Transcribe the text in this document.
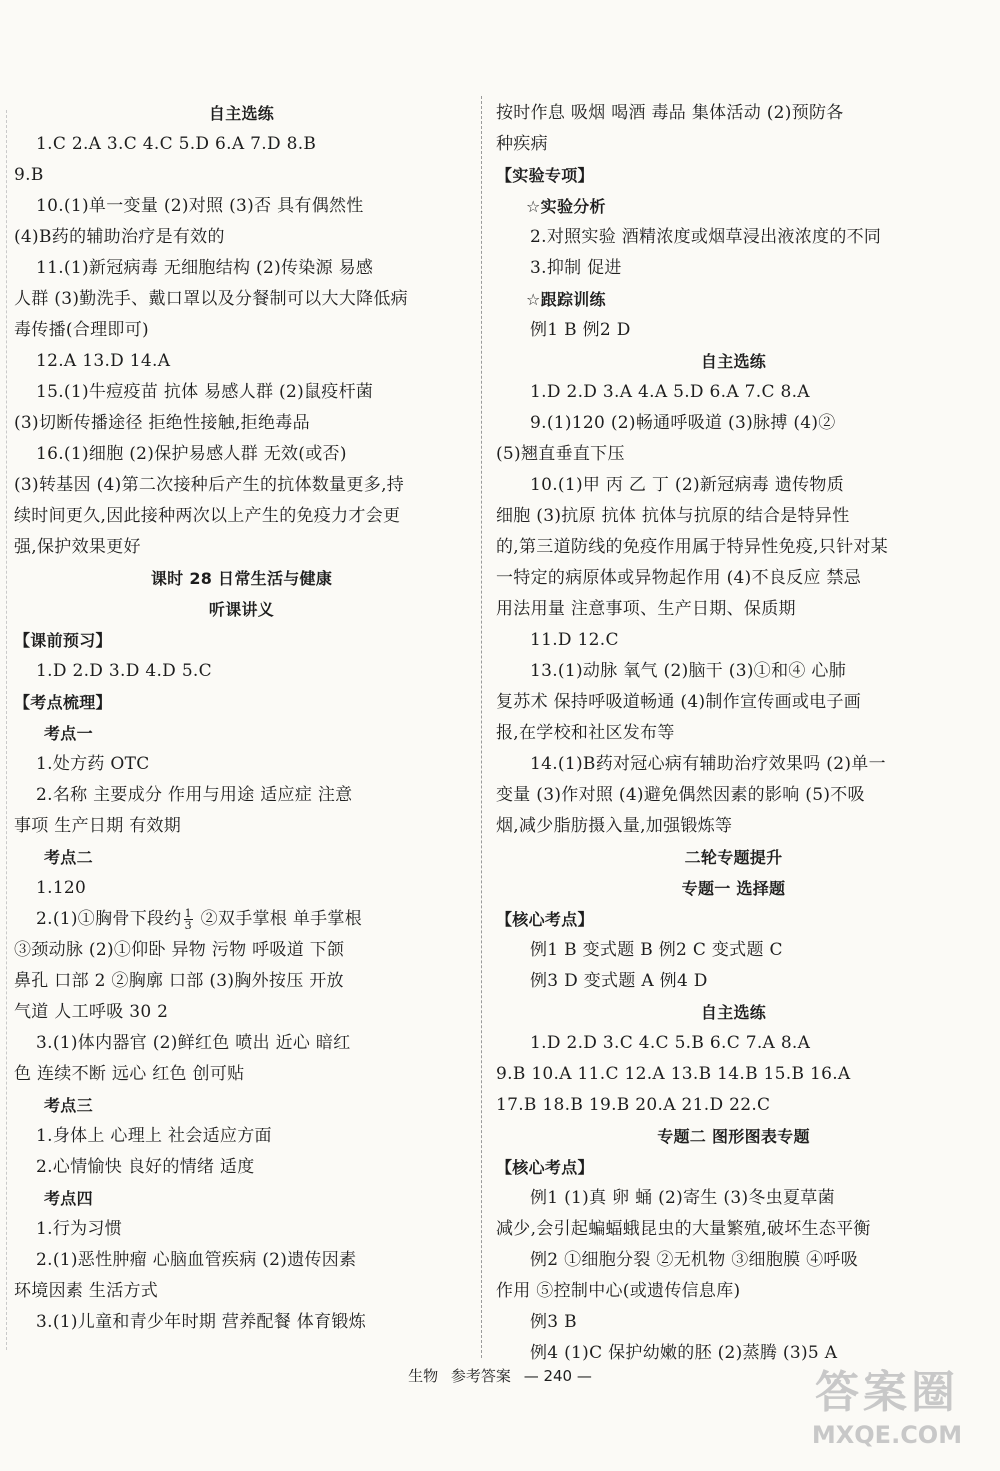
自主选练
1.C 2.A 3.C 4.C 5.D 6.A 7.D 8.B
9.B
10.(1)单一变量 (2)对照 (3)否 具有偶然性
(4)B药的辅助治疗是有效的
11.(1)新冠病毒 无细胞结构 (2)传染源 易感
人群 (3)勤洗手、戴口罩以及分餐制可以大大降低病
毒传播(合理即可)
12.A 13.D 14.A
15.(1)牛痘疫苗 抗体 易感人群 (2)鼠疫杆菌
(3)切断传播途径 拒绝性接触,拒绝毒品
16.(1)细胞 (2)保护易感人群 无效(或否)
(3)转基因 (4)第二次接种后产生的抗体数量更多,持
续时间更久,因此接种两次以上产生的免疫力才会更
强,保护效果更好
课时 28 日常生活与健康
听课讲义
【课前预习】
1.D 2.D 3.D 4.D 5.C
【考点梳理】
考点一
1.处方药 OTC
2.名称 主要成分 作用与用途 适应症 注意
事项 生产日期 有效期
考点二
1.120
2.(1)①胸骨下段约 $\frac{1}{3}$ ②双手掌根 单手掌根
③颈动脉 (2)①仰卧 异物 污物 呼吸道 下颌
鼻孔 口部 2 ②胸廓 口部 (3)胸外按压 开放
气道 人工呼吸 30 2
3.(1)体内器官 (2)鲜红色 喷出 近心 暗红
色 连续不断 远心 红色 创可贴
考点三
1.身体上 心理上 社会适应方面
2.心情愉快 良好的情绪 适度
考点四
1.行为习惯
2.(1)恶性肿瘤 心脑血管疾病 (2)遗传因素
环境因素 生活方式
3.(1)儿童和青少年时期 营养配餐 体育锻炼
按时作息 吸烟 喝酒 毒品 集体活动 (2)预防各
种疾病
【实验专项】
☆实验分析
2.对照实验 酒精浓度或烟草浸出液浓度的不同
3.抑制 促进
☆跟踪训练
例1 B 例2 D
自主选练
1.D 2.D 3.A 4.A 5.D 6.A 7.C 8.A
9.(1)120 (2)畅通呼吸道 (3)脉搏 (4)②
(5)翘直垂直下压
10.(1)甲 丙 乙 丁 (2)新冠病毒 遗传物质
细胞 (3)抗原 抗体 抗体与抗原的结合是特异性
的,第三道防线的免疫作用属于特异性免疫,只针对某
一特定的病原体或异物起作用 (4)不良反应 禁忌
用法用量 注意事项、生产日期、保质期
11.D 12.C
13.(1)动脉 氧气 (2)脑干 (3)①和④ 心肺
复苏术 保持呼吸道畅通 (4)制作宣传画或电子画
报,在学校和社区发布等
14.(1)B药对冠心病有辅助治疗效果吗 (2)单一
变量 (3)作对照 (4)避免偶然因素的影响 (5)不吸
烟,减少脂肪摄入量,加强锻炼等
二轮专题提升
专题一 选择题
【核心考点】
例1 B 变式题 B 例2 C 变式题 C
例3 D 变式题 A 例4 D
自主选练
1.D 2.D 3.C 4.C 5.B 6.C 7.A 8.A
9.B 10.A 11.C 12.A 13.B 14.B 15.B 16.A
17.B 18.B 19.B 20.A 21.D 22.C
专题二 图形图表专题
【核心考点】
例1 (1)真 卵 蛹 (2)寄生 (3)冬虫夏草菌
减少,会引起蝙蝠蛾昆虫的大量繁殖,破坏生态平衡
例2 ①细胞分裂 ②无机物 ③细胞膜 ④呼吸
作用 ⑤控制中心(或遗传信息库)
例3 B
例4 (1)C 保护幼嫩的胚 (2)蒸腾 (3)5 A
生物 参考答案 — 240 —	答案圈
MXQE.COM
